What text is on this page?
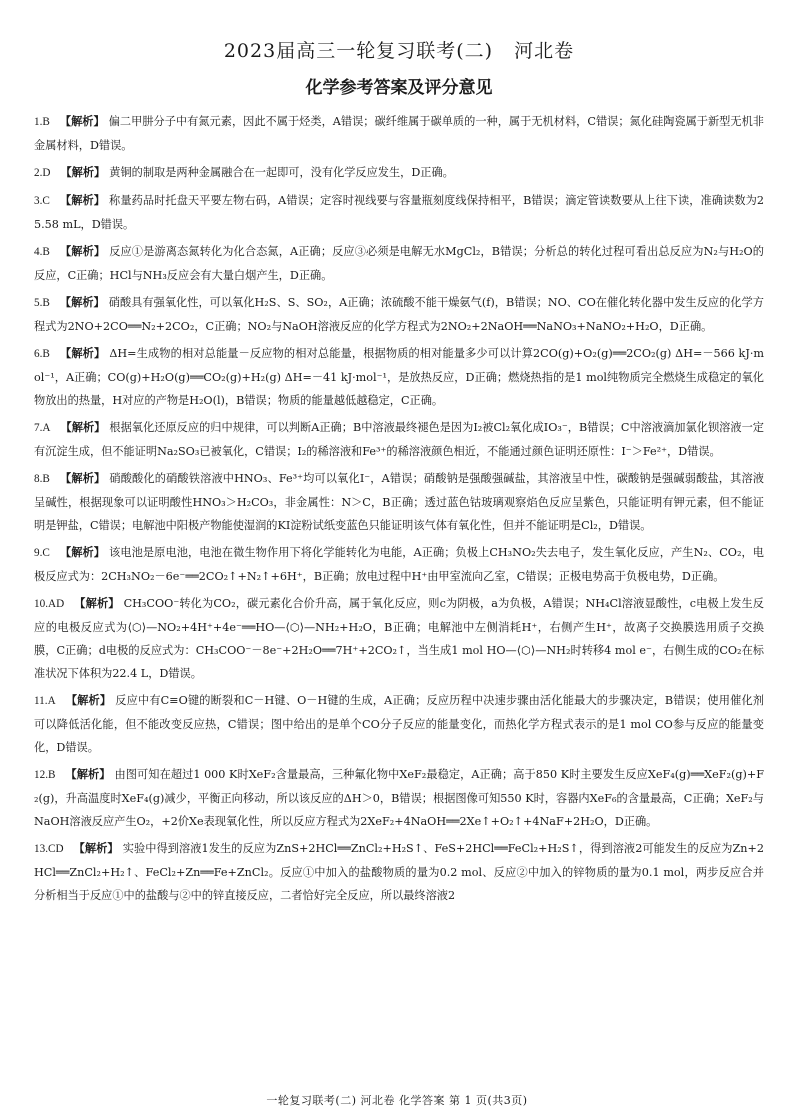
2023届高三一轮复习联考(二)   河北卷
化学参考答案及评分意见
1.B 【解析】 偏二甲肼分子中有氮元素，因此不属于烃类，A错误；碳纤维属于碳单质的一种，属于无机材料，C错误；氮化硅陶瓷属于新型无机非金属材料，D错误。
2.D 【解析】 黄铜的制取是两种金属融合在一起即可，没有化学反应发生，D正确。
3.C 【解析】 称量药品时托盘天平要左物右码，A错误；定容时视线要与容量瓶刻度线保持相平，B错误；滴定管读数要从上往下读，准确读数为25.58 mL，D错误。
4.B 【解析】 反应①是游离态氮转化为化合态氮，A正确；反应③必须是电解无水MgCl₂，B错误；分析总的转化过程可看出总反应为N₂与H₂O的反应，C正确；HCl与NH₃反应会有大量白烟产生，D正确。
5.B 【解析】 硝酸具有强氧化性，可以氧化H₂S、S、SO₂，A正确；浓硫酸不能干燥氨气(f)，B错误；NO、CO在催化转化器中发生反应的化学方程式为2NO+2CO══N₂+2CO₂，C正确；NO₂与NaOH溶液反应的化学方程式为2NO₂+2NaOH══NaNO₃+NaNO₂+H₂O，D正确。
6.B 【解析】 ΔH=生成物的相对总能量－反应物的相对总能量，根据物质的相对能量多少可以计算2CO(g)+O₂(g)══2CO₂(g) ΔH=－566 kJ·mol⁻¹，A正确；CO(g)+H₂O(g)══CO₂(g)+H₂(g) ΔH=－41 kJ·mol⁻¹，是放热反应，D正确；燃烧热指的是1 mol纯物质完全燃烧生成稳定的氧化物放出的热量，H对应的产物是H₂O(l)，B错误；物质的能量越低越稳定，C正确。
7.A 【解析】 根据氧化还原反应的归中规律，可以判断A正确；B中溶液最终褪色是因为I₂被Cl₂氧化成IO₃⁻，B错误；C中溶液滴加氯化钡溶液一定有沉淀生成，但不能证明Na₂SO₃已被氧化，C错误；I₂的稀溶液和Fe³⁺的稀溶液颜色相近，不能通过颜色证明还原性：I⁻＞Fe²⁺，D错误。
8.B 【解析】 硝酸酸化的硝酸铁溶液中HNO₃、Fe³⁺均可以氧化I⁻，A错误；硝酸钠是强酸强碱盐，其溶液呈中性，碳酸钠是强碱弱酸盐，其溶液呈碱性，根据现象可以证明酸性HNO₃＞H₂CO₃，非金属性：N＞C，B正确；透过蓝色钴玻璃观察焰色反应呈紫色，只能证明有钾元素，但不能证明是钾盐，C错误；电解池中阳极产物能使湿润的KI淀粉试纸变蓝色只能证明该气体有氧化性，但并不能证明是Cl₂，D错误。
9.C 【解析】 该电池是原电池，电池在微生物作用下将化学能转化为电能，A正确；负极上CH₃NO₂失去电子，发生氧化反应，产生N₂、CO₂，电极反应式为：2CH₃NO₂－6e⁻══2CO₂↑+N₂↑+6H⁺，B正确；放电过程中H⁺由甲室流向乙室，C错误；正极电势高于负极电势，D正确。
10.AD 【解析】 CH₃COO⁻转化为CO₂，碳元素化合价升高，属于氧化反应，则c为阴极，a为负极，A错误；NH₄Cl溶液显酸性，c电极上发生反应的电极反应式为⟨⬡⟩—NO₂+4H⁺+4e⁻══HO—⟨⬡⟩—NH₂+H₂O，B正确；电解池中左侧消耗H⁺，右侧产生H⁺，故离子交换膜选用质子交换膜，C正确；d电极的反应式为：CH₃COO⁻－8e⁻+2H₂O══7H⁺+2CO₂↑，当生成1 mol HO—⟨⬡⟩—NH₂时转移4 mol e⁻，右侧生成的CO₂在标准状况下体积为22.4 L，D错误。
11.A 【解析】 反应中有C≡O键的断裂和C－H键、O－H键的生成，A正确；反应历程中决速步骤由活化能最大的步骤决定，B错误；使用催化剂可以降低活化能，但不能改变反应热，C错误；图中给出的是单个CO分子反应的能量变化，而热化学方程式表示的是1 mol CO参与反应的能量变化，D错误。
12.B 【解析】 由图可知在超过1 000 K时XeF₂含量最高，三种氟化物中XeF₂最稳定，A正确；高于850 K时主要发生反应XeF₄(g)══XeF₂(g)+F₂(g)，升高温度时XeF₄(g)减少，平衡正向移动，所以该反应的ΔH＞0，B错误；根据图像可知550 K时，容器内XeF₆的含量最高，C正确；XeF₂与NaOH溶液反应产生O₂，+2价Xe表现氧化性，所以反应方程式为2XeF₂+4NaOH══2Xe↑+O₂↑+4NaF+2H₂O，D正确。
13.CD 【解析】 实验中得到溶液1发生的反应为ZnS+2HCl══ZnCl₂+H₂S↑、FeS+2HCl══FeCl₂+H₂S↑，得到溶液2可能发生的反应为Zn+2HCl══ZnCl₂+H₂↑、FeCl₂+Zn══Fe+ZnCl₂。反应①中加入的盐酸物质的量为0.2 mol、反应②中加入的锌物质的量为0.1 mol，两步反应合并分析相当于反应①中的盐酸与②中的锌直接反应，二者恰好完全反应，所以最终溶液2
一轮复习联考(二) 河北卷 化学答案 第 1 页(共3页)
